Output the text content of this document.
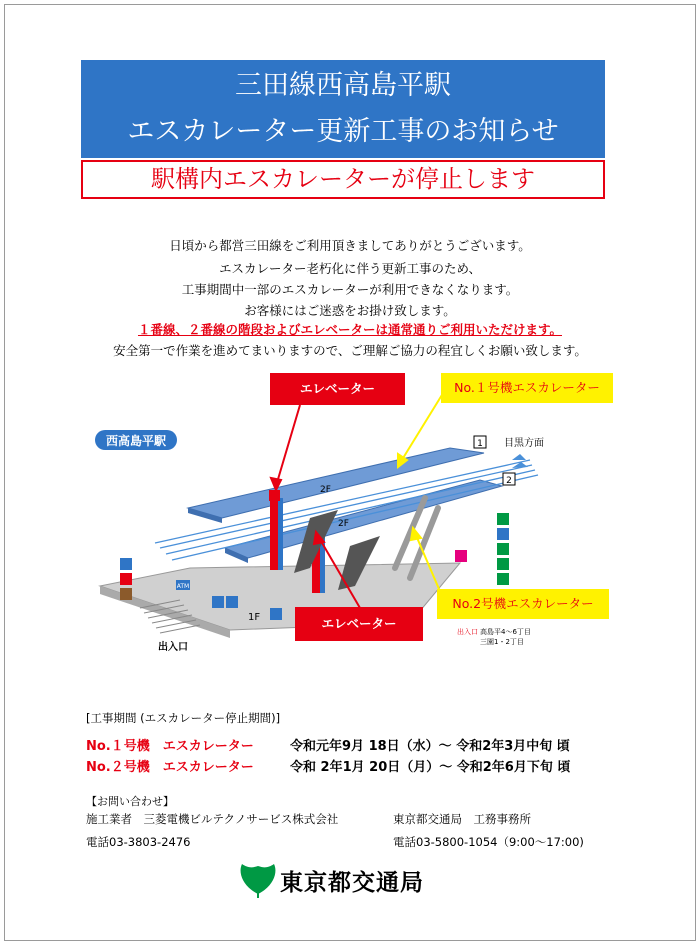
三田線西高島平駅
エスカレーター更新工事のお知らせ
駅構内エスカレーターが停止します
日頃から都営三田線をご利用頂きましてありがとうございます。
エスカレーター老朽化に伴う更新工事のため、
工事期間中一部のエスカレーターが利用できなくなります。
お客様にはご迷惑をお掛け致します。
１番線、２番線の階段およびエレベーターは通常通りご利用いただけます。
安全第一で作業を進めてまいりますので、ご理解ご協力の程宜しくお願い致します。
西高島平駅	目黒方面
1
2
2F
2F
1F
ATM
出入口
出入口 高島平4～6丁目
三園1・2丁目
エレベーター	No.１号機エスカレーター
No.2号機エスカレーター
エレベーター
[工事期間 (エスカレーター停止期間)]
No.１号機　エスカレーター	令和元年9月 18日（水）～ 令和2年3月中旬 頃
No.２号機　エスカレーター	令和 2年1月 20日（月）～ 令和2年6月下旬 頃
【お問い合わせ】
施工業者　三菱電機ビルテクノサービス株式会社
電話03-3803-2476
東京都交通局　工務事務所
電話03-5800-1054（9:00～17:00)
東京都交通局
